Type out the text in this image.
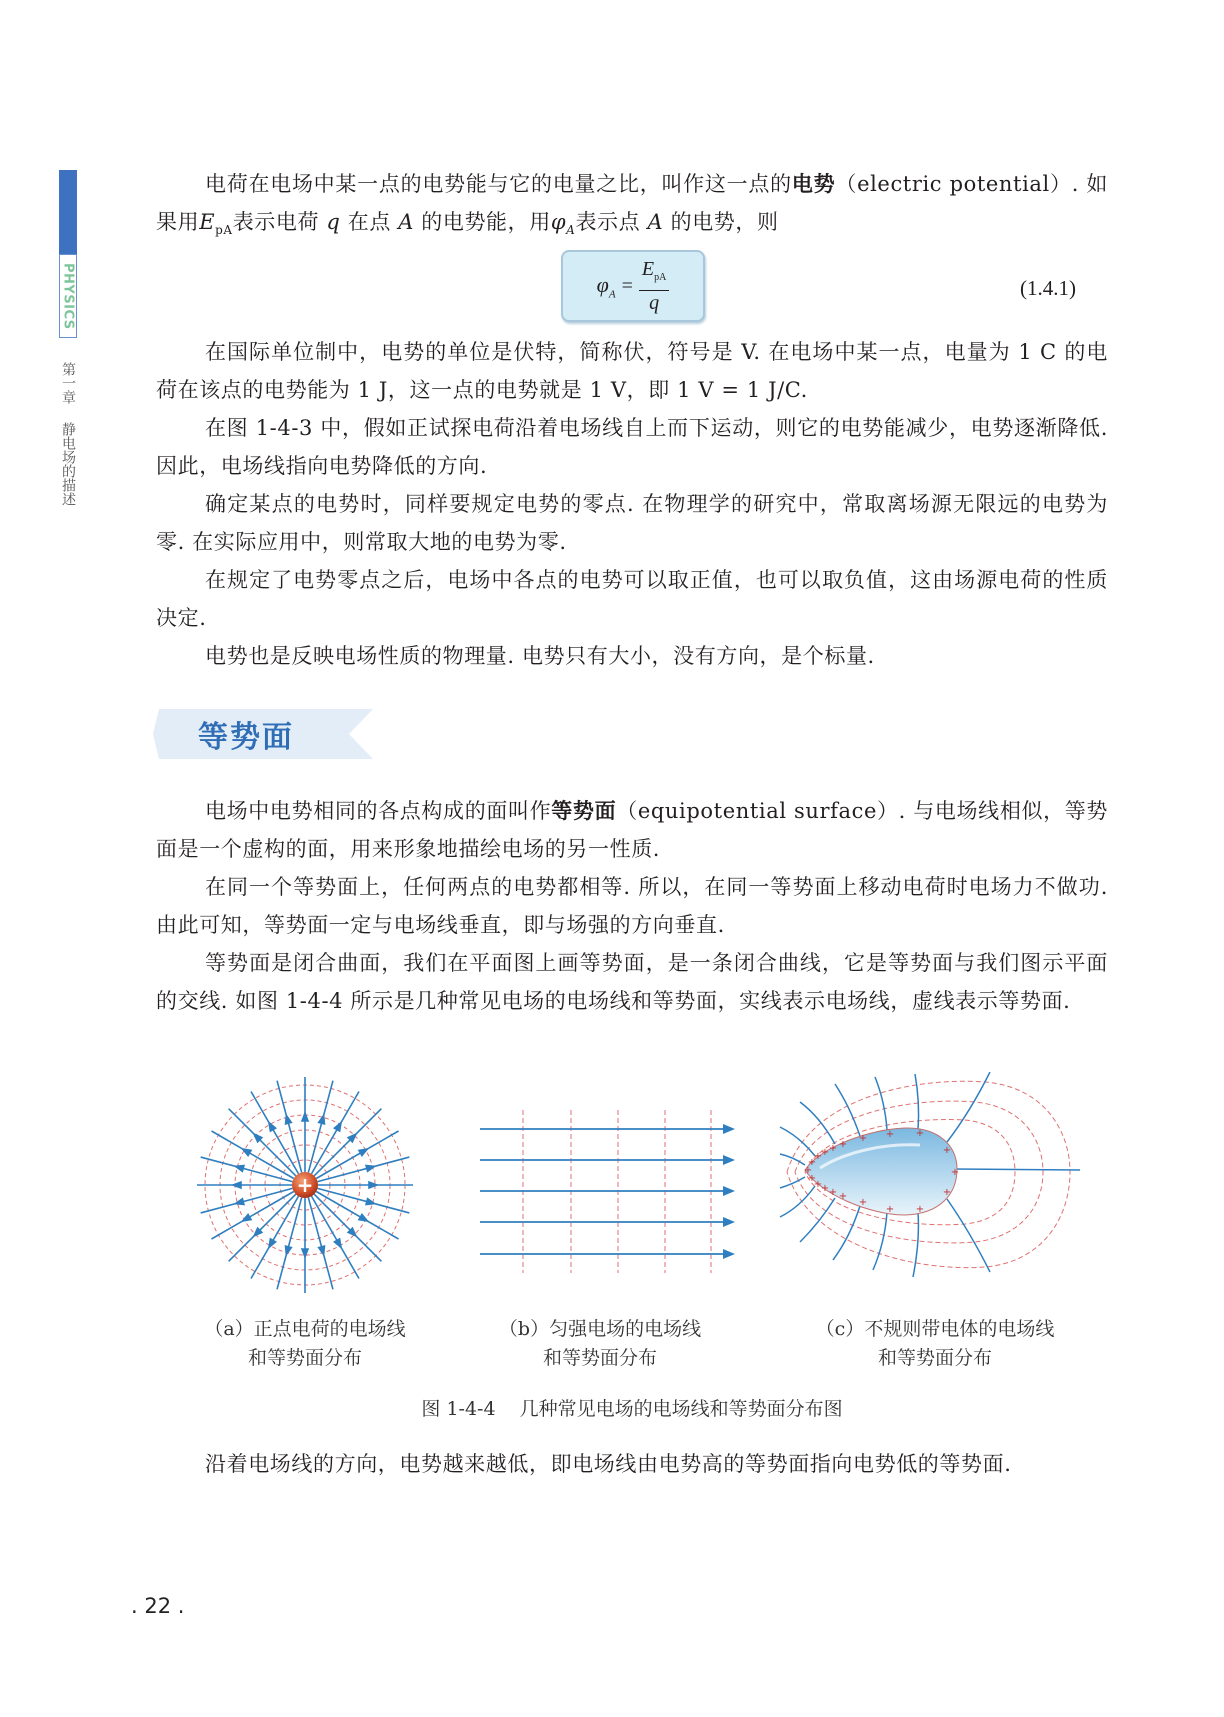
PHYSICS
第一章静电场的描述

电荷在电场中某一点的电势能与它的电量之比，叫作这一点的电势（electric potential）. 如果用$E_{pA}$表示电荷 q 在点 A 的电势能，用$\varphi_A$表示点 A 的电势，则

$\varphi_A = \frac{E_{pA}}{q}$	(1.4.1)

在国际单位制中，电势的单位是伏特，简称伏，符号是 V. 在电场中某一点，电量为 1 C 的电荷在该点的电势能为 1 J，这一点的电势就是 1 V，即 1 V = 1 J/C.

在图 1-4-3 中，假如正试探电荷沿着电场线自上而下运动，则它的电势能减少，电势逐渐降低. 因此，电场线指向电势降低的方向.

确定某点的电势时，同样要规定电势的零点. 在物理学的研究中，常取离场源无限远的电势为零. 在实际应用中，则常取大地的电势为零.

在规定了电势零点之后，电场中各点的电势可以取正值，也可以取负值，这由场源电荷的性质决定.

电势也是反映电场性质的物理量. 电势只有大小，没有方向，是个标量.

等势面

电场中电势相同的各点构成的面叫作等势面（equipotential surface）. 与电场线相似，等势面是一个虚构的面，用来形象地描绘电场的另一性质.

在同一个等势面上，任何两点的电势都相等. 所以，在同一等势面上移动电荷时电场力不做功. 由此可知，等势面一定与电场线垂直，即与场强的方向垂直.

等势面是闭合曲面，我们在平面图上画等势面，是一条闭合曲线，它是等势面与我们图示平面的交线. 如图 1-4-4 所示是几种常见电场的电场线和等势面，实线表示电场线，虚线表示等势面.

+
+
+
+
+
+
+
+
+
+
+
+
+
+
+
+
+
+
+
+
+
（a）正点电荷的电场线
和等势面分布
（b）匀强电场的电场线
和等势面分布
（c）不规则带电体的电场线
和等势面分布
图 1-4-4 几种常见电场的电场线和等势面分布图

沿着电场线的方向，电势越来越低，即电场线由电势高的等势面指向电势低的等势面.

. 22 .
